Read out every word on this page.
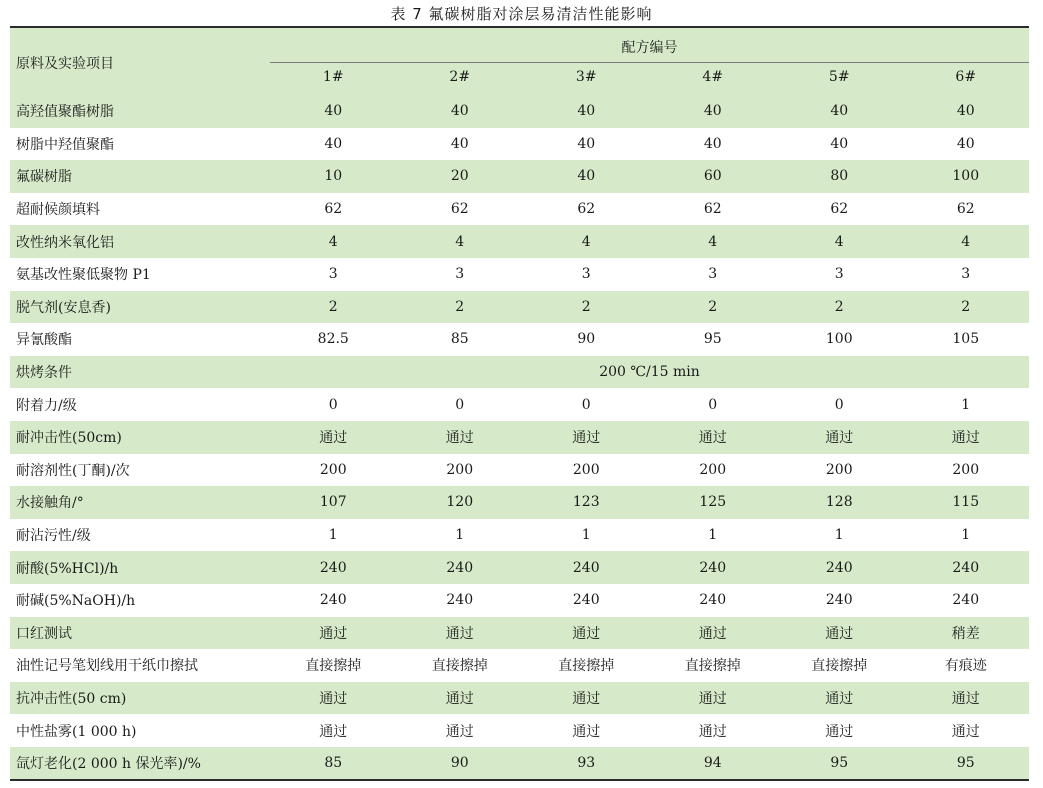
表 7 氟碳树脂对涂层易清洁性能影响
原料及实验项目
配方编号
1#	2#	3#	4#	5#	6#
高羟值聚酯树脂	40	40	40	40	40	40
树脂中羟值聚酯	40	40	40	40	40	40
氟碳树脂	10	20	40	60	80	100
超耐候颜填料	62	62	62	62	62	62
改性纳米氧化铝	4	4	4	4	4	4
氨基改性聚低聚物 P1	3	3	3	3	3	3
脱气剂(安息香)	2	2	2	2	2	2
异氰酸酯	82.5	85	90	95	100	105
烘烤条件	200 ℃/15 min
附着力/级	0	0	0	0	0	1
耐冲击性(50cm)	通过	通过	通过	通过	通过	通过
耐溶剂性(丁酮)/次	200	200	200	200	200	200
水接触角/°	107	120	123	125	128	115
耐沾污性/级	1	1	1	1	1	1
耐酸(5%HCl)/h	240	240	240	240	240	240
耐碱(5%NaOH)/h	240	240	240	240	240	240
口红测试	通过	通过	通过	通过	通过	稍差
油性记号笔划线用干纸巾擦拭	直接擦掉	直接擦掉	直接擦掉	直接擦掉	直接擦掉	有痕迹
抗冲击性(50 cm)	通过	通过	通过	通过	通过	通过
中性盐雾(1 000 h)	通过	通过	通过	通过	通过	通过
氙灯老化(2 000 h 保光率)/%	85	90	93	94	95	95
